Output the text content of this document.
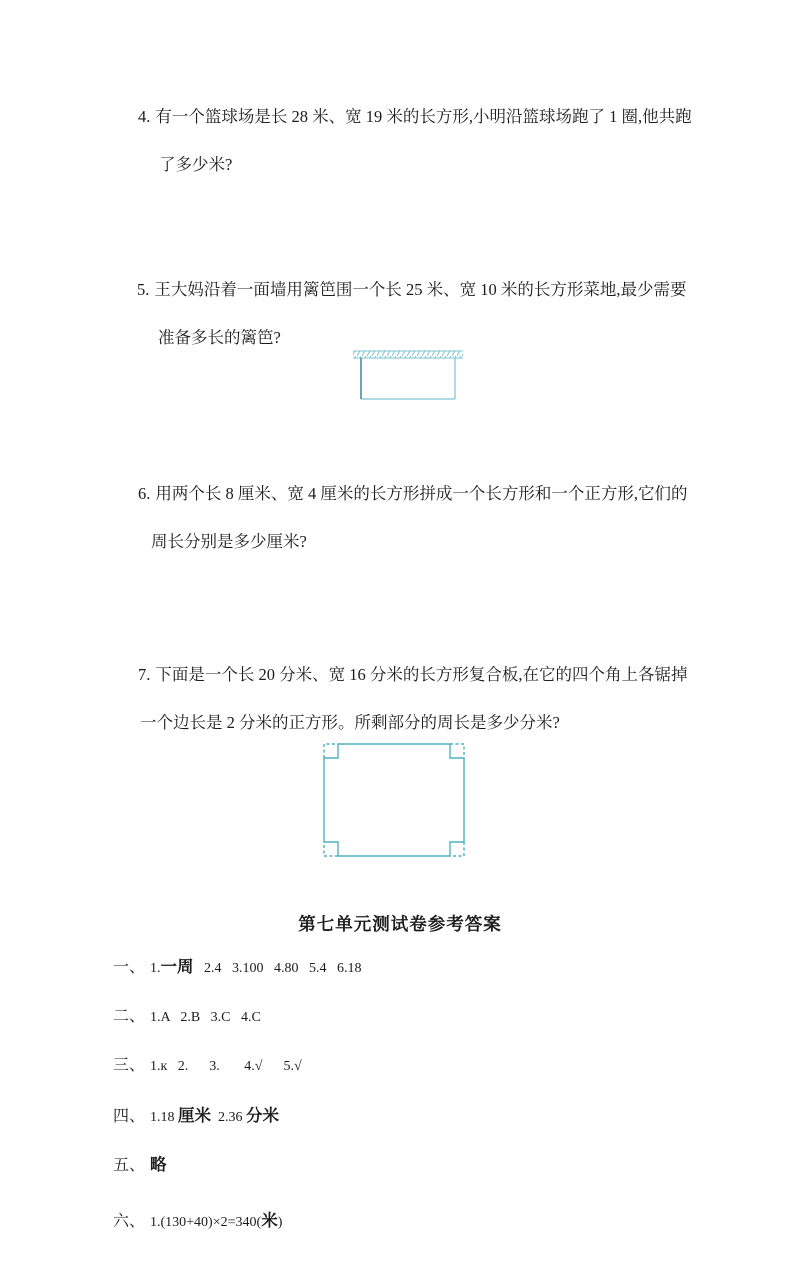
4. 有一个篮球场是长 28 米、宽 19 米的长方形,小明沿篮球场跑了 1 圈,他共跑
了多少米?
5. 王大妈沿着一面墙用篱笆围一个长 25 米、宽 10 米的长方形菜地,最少需要
准备多长的篱笆?
6. 用两个长 8 厘米、宽 4 厘米的长方形拼成一个长方形和一个正方形,它们的
周长分别是多少厘米?
7. 下面是一个长 20 分米、宽 16 分米的长方形复合板,在它的四个角上各锯掉
一个边长是 2 分米的正方形。所剩部分的周长是多少分米?
第七单元测试卷参考答案

一、 1.一周   2.4   3.100   4.80   5.4   6.18

二、 1.A   2.B   3.C   4.C

三、 1.к   2.      3.       4.√      5.√

四、 1.18 厘米  2.36 分米

五、 略

六、 1.(130+40)×2=340(米)
